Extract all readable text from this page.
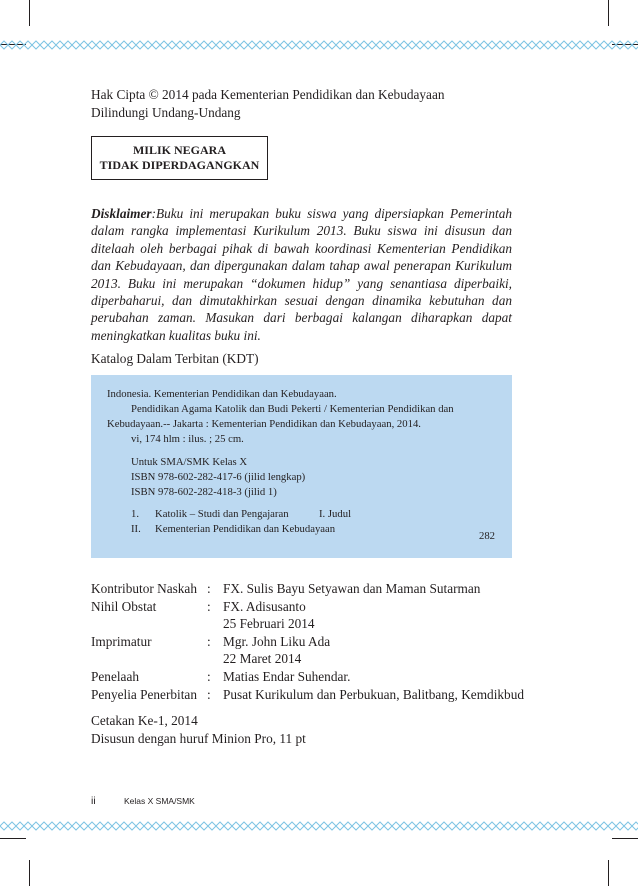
Hak Cipta © 2014 pada Kementerian Pendidikan dan Kebudayaan
Dilindungi Undang-Undang
MILIK NEGARA
TIDAK DIPERDAGANGKAN

Disklaimer:Buku ini merupakan buku siswa yang dipersiapkan Pemerintah dalam rangka implementasi Kurikulum 2013. Buku siswa ini disusun dan ditelaah oleh berbagai pihak di bawah koordinasi Kementerian Pendidikan dan Kebudayaan, dan dipergunakan dalam tahap awal penerapan Kurikulum 2013. Buku ini merupakan “dokumen hidup” yang senantiasa diperbaiki, diperbaharui, dan dimutakhirkan sesuai dengan dinamika kebutuhan dan perubahan zaman. Masukan dari berbagai kalangan diharapkan dapat meningkatkan kualitas buku ini.

Katalog Dalam Terbitan (KDT)
Indonesia. Kementerian Pendidikan dan Kebudayaan.
Pendidikan Agama Katolik dan Budi Pekerti / Kementerian Pendidikan dan
Kebudayaan.-- Jakarta : Kementerian Pendidikan dan Kebudayaan, 2014.
vi, 174 hlm : ilus. ; 25 cm.
Untuk SMA/SMK Kelas X
ISBN 978-602-282-417-6 (jilid lengkap)
ISBN 978-602-282-418-3 (jilid 1)
1. Katolik – Studi dan Pengajaran	I. Judul
II. Kementerian Pendidikan dan Kebudayaan
282
Kontributor Naskah : FX. Sulis Bayu Setyawan dan Maman Sutarman
Nihil Obstat	: FX. Adisusanto
25 Februari 2014
Imprimatur	: Mgr. John Liku Ada
22 Maret 2014
Penelaah	: Matias Endar Suhendar.
Penyelia Penerbitan : Pusat Kurikulum dan Perbukuan, Balitbang, Kemdikbud
Cetakan Ke-1, 2014
Disusun dengan huruf Minion Pro, 11 pt
ii	Kelas X SMA/SMK
